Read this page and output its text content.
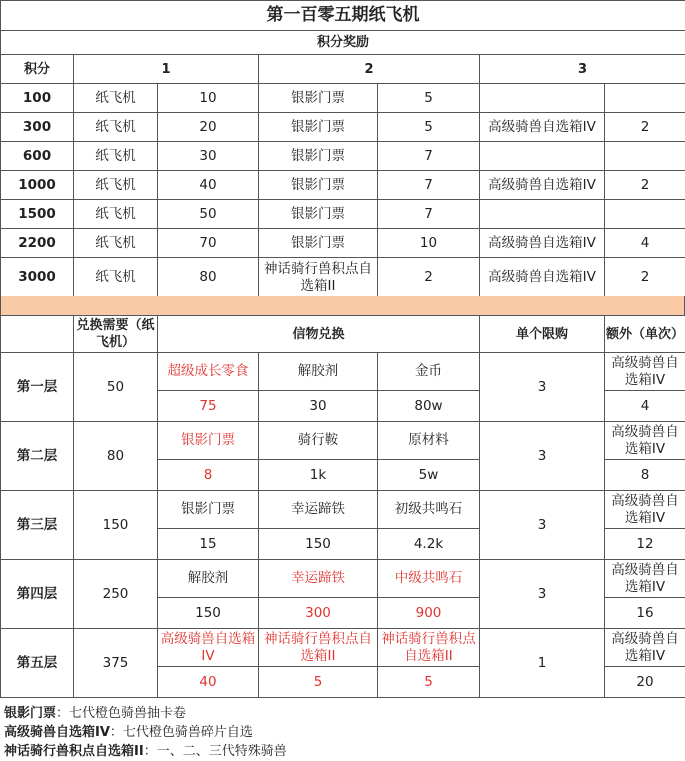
第一百零五期纸飞机						
积分奖励						
积分	1		2		3	
100	纸飞机	10	银影门票	5		
300	纸飞机	20	银影门票	5	高级骑兽自选箱IV	2
600	纸飞机	30	银影门票	7		
1000	纸飞机	40	银影门票	7	高级骑兽自选箱IV	2
1500	纸飞机	50	银影门票	7		
2200	纸飞机	70	银影门票	10	高级骑兽自选箱IV	4
3000	纸飞机	80	神话骑行兽积点自选箱II	2	高级骑兽自选箱IV	2
	兑换需要（纸飞机）	信物兑换			单个限购	额外（单次）
第一层	50	超级成长零食	解胶剂	金币	3	高级骑兽自选箱IV
		75	30	80w		4
第二层	80	银影门票	骑行鞍	原材料	3	高级骑兽自选箱IV
		8	1k	5w		8
第三层	150	银影门票	幸运蹄铁	初级共鸣石	3	高级骑兽自选箱IV
		15	150	4.2k		12
第四层	250	解胶剂	幸运蹄铁	中级共鸣石	3	高级骑兽自选箱IV
		150	300	900		16
第五层	375	高级骑兽自选箱IV	神话骑行兽积点自选箱II	神话骑行兽积点自选箱II	1	高级骑兽自选箱IV
		40	5	5		20
银影门票：七代橙色骑兽抽卡卷
高级骑兽自选箱IV：七代橙色骑兽碎片自选
神话骑行兽积点自选箱II：一、二、三代特殊骑兽
